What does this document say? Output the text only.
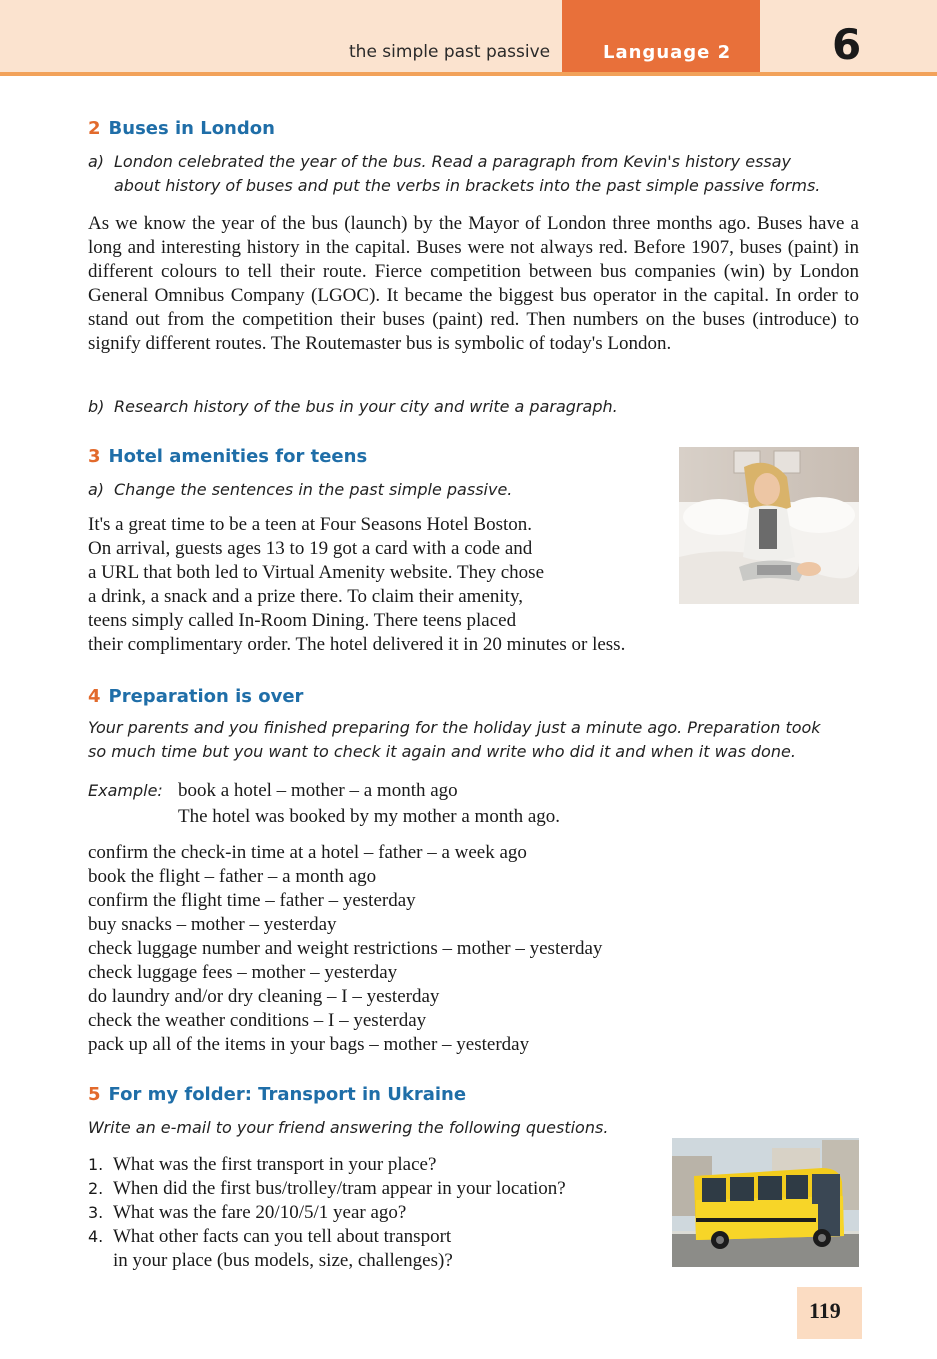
the simple past passive	Language 2 6
2 Buses in London
a) London celebrated the year of the bus. Read a paragraph from Kevin's history essay
about history of buses and put the verbs in brackets into the past simple passive forms.
As we know the year of the bus (launch) by the Mayor of London three months ago. Buses have a long and interesting history in the capital. Buses were not always red. Before 1907, buses (paint) in different colours to tell their route. Fierce competition between bus companies (win) by London General Omnibus Company (LGOC). It became the biggest bus operator in the capital. In order to stand out from the competition their buses (paint) red. Then numbers on the buses (introduce) to signify different routes. The Routemaster bus is symbolic of today's London.
b) Research history of the bus in your city and write a paragraph.
3 Hotel amenities for teens
a) Change the sentences in the past simple passive.
It's a great time to be a teen at Four Seasons Hotel Boston.
On arrival, guests ages 13 to 19 got a card with a code and
a URL that both led to Virtual Amenity website. They chose
a drink, a snack and a prize there. To claim their amenity,
teens simply called In-Room Dining. There teens placed
their complimentary order. The hotel delivered it in 20 minutes or less.
4 Preparation is over
Your parents and you finished preparing for the holiday just a minute ago. Preparation took
so much time but you want to check it again and write who did it and when it was done.
Example: book a hotel – mother – a month ago
The hotel was booked by my mother a month ago.
confirm the check-in time at a hotel – father – a week ago
book the flight – father – a month ago
confirm the flight time – father – yesterday
buy snacks – mother – yesterday
check luggage number and weight restrictions – mother – yesterday
check luggage fees – mother – yesterday
do laundry and/or dry cleaning – I – yesterday
check the weather conditions – I – yesterday
pack up all of the items in your bags – mother – yesterday
5 For my folder: Transport in Ukraine
Write an e-mail to your friend answering the following questions.
1. What was the first transport in your place?
2. When did the first bus/trolley/tram appear in your location?
3. What was the fare 20/10/5/1 year ago?
4. What other facts can you tell about transport
in your place (bus models, size, challenges)?
119
